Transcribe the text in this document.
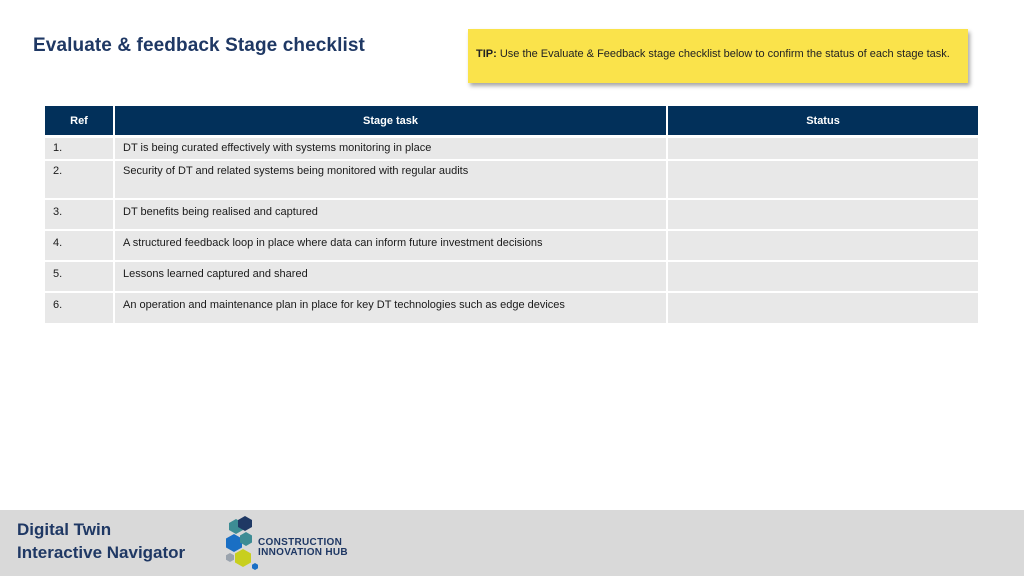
Evaluate & feedback Stage checklist	TIP: Use the Evaluate & Feedback stage checklist below to confirm the status of each stage task.
Ref	Stage task	Status
1.	DT is being curated effectively with systems monitoring in place	
2.	Security of DT and related systems being monitored with regular audits	
3.	DT benefits being realised and captured	
4.	A structured feedback loop in place where data can inform future investment decisions	
5.	Lessons learned captured and shared	
6.	An operation and maintenance plan in place for key DT technologies such as edge devices	
Digital Twin
Interactive Navigator
CONSTRUCTION
INNOVATION HUB
